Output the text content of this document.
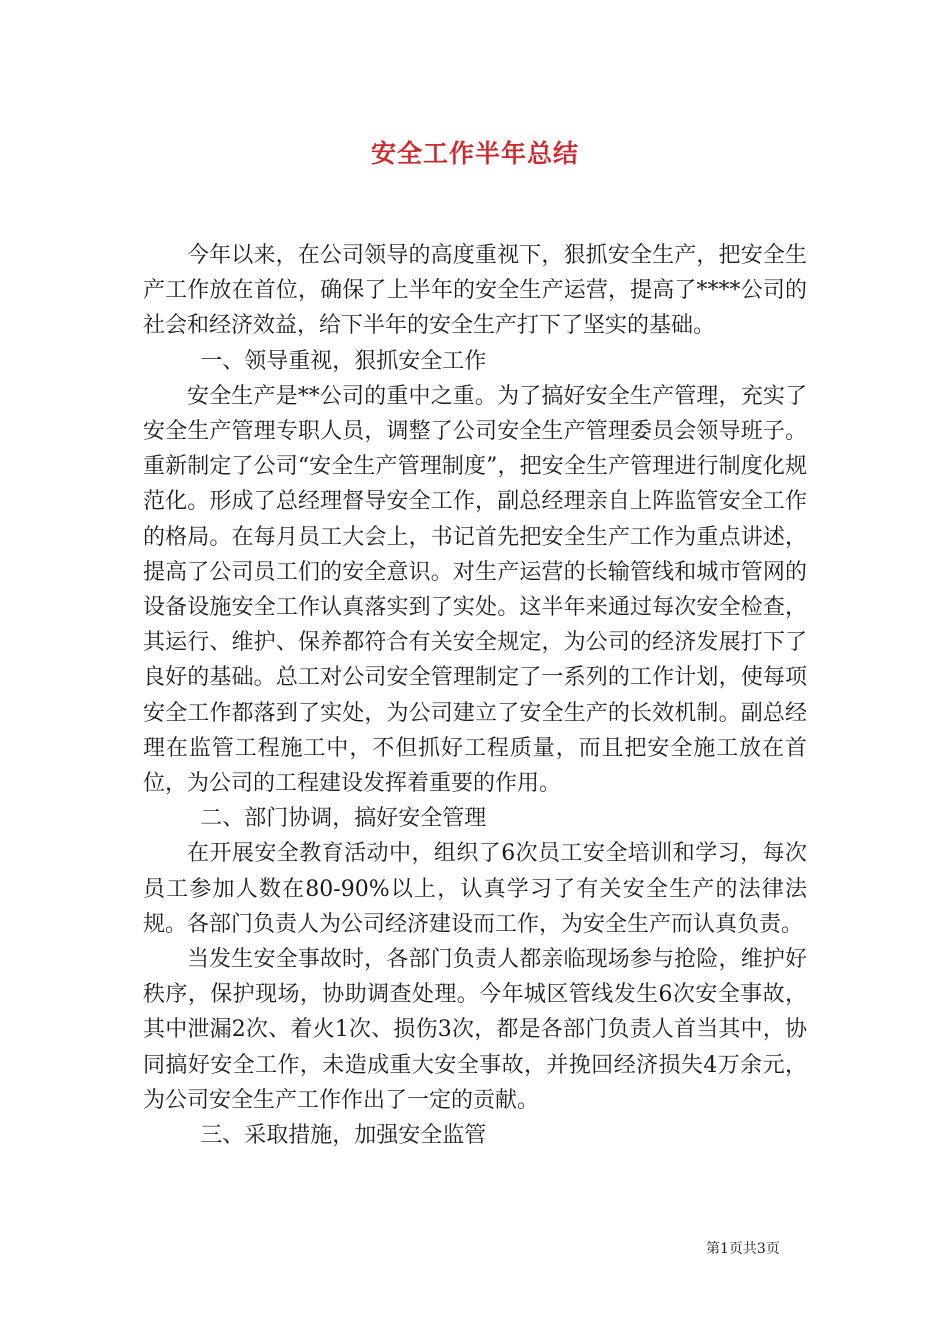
安全工作半年总结

今年以来，在公司领导的高度重视下，狠抓安全生产，把安全生产工作放在首位，确保了上半年的安全生产运营，提高了****公司的社会和经济效益，给下半年的安全生产打下了坚实的基础。

一、领导重视，狠抓安全工作

安全生产是**公司的重中之重。为了搞好安全生产管理，充实了安全生产管理专职人员，调整了公司安全生产管理委员会领导班子。重新制定了公司“安全生产管理制度”，把安全生产管理进行制度化规范化。形成了总经理督导安全工作，副总经理亲自上阵监管安全工作的格局。在每月员工大会上，书记首先把安全生产工作为重点讲述，提高了公司员工们的安全意识。对生产运营的长输管线和城市管网的设备设施安全工作认真落实到了实处。这半年来通过每次安全检查，其运行、维护、保养都符合有关安全规定，为公司的经济发展打下了良好的基础。总工对公司安全管理制定了一系列的工作计划，使每项安全工作都落到了实处，为公司建立了安全生产的长效机制。副总经理在监管工程施工中，不但抓好工程质量，而且把安全施工放在首位，为公司的工程建设发挥着重要的作用。

二、部门协调，搞好安全管理

在开展安全教育活动中，组织了6次员工安全培训和学习，每次员工参加人数在80-90%以上，认真学习了有关安全生产的法律法规。各部门负责人为公司经济建设而工作，为安全生产而认真负责。

当发生安全事故时，各部门负责人都亲临现场参与抢险，维护好秩序，保护现场，协助调查处理。今年城区管线发生6次安全事故，其中泄漏2次、着火1次、损伤3次，都是各部门负责人首当其中，协同搞好安全工作，未造成重大安全事故，并挽回经济损失4万余元，为公司安全生产工作作出了一定的贡献。

三、采取措施，加强安全监管

第1页共3页
